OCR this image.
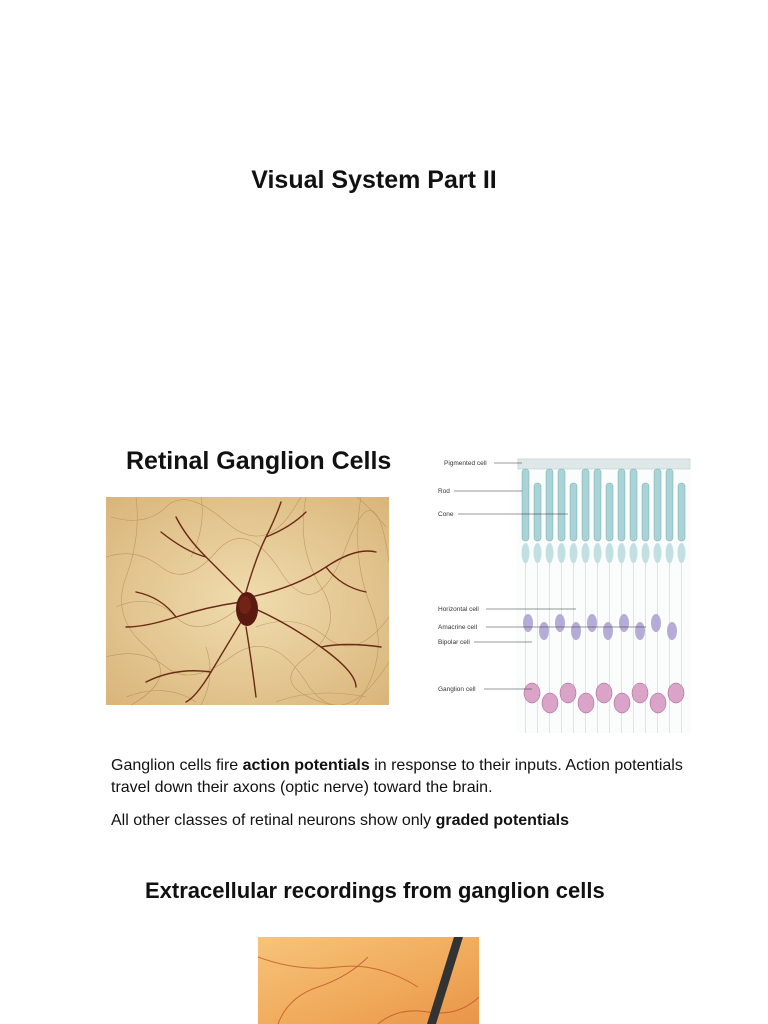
Visual System Part II
Retinal Ganglion Cells	Pigmented cell
Rod
Cone
Horizontal cell
Amacrine cell
Bipolar cell
Ganglion cell
Ganglion cells fire action potentials in response to their inputs. Action potentials travel down their axons (optic nerve) toward the brain.
All other classes of retinal neurons show only graded potentials
Extracellular recordings from ganglion cells
